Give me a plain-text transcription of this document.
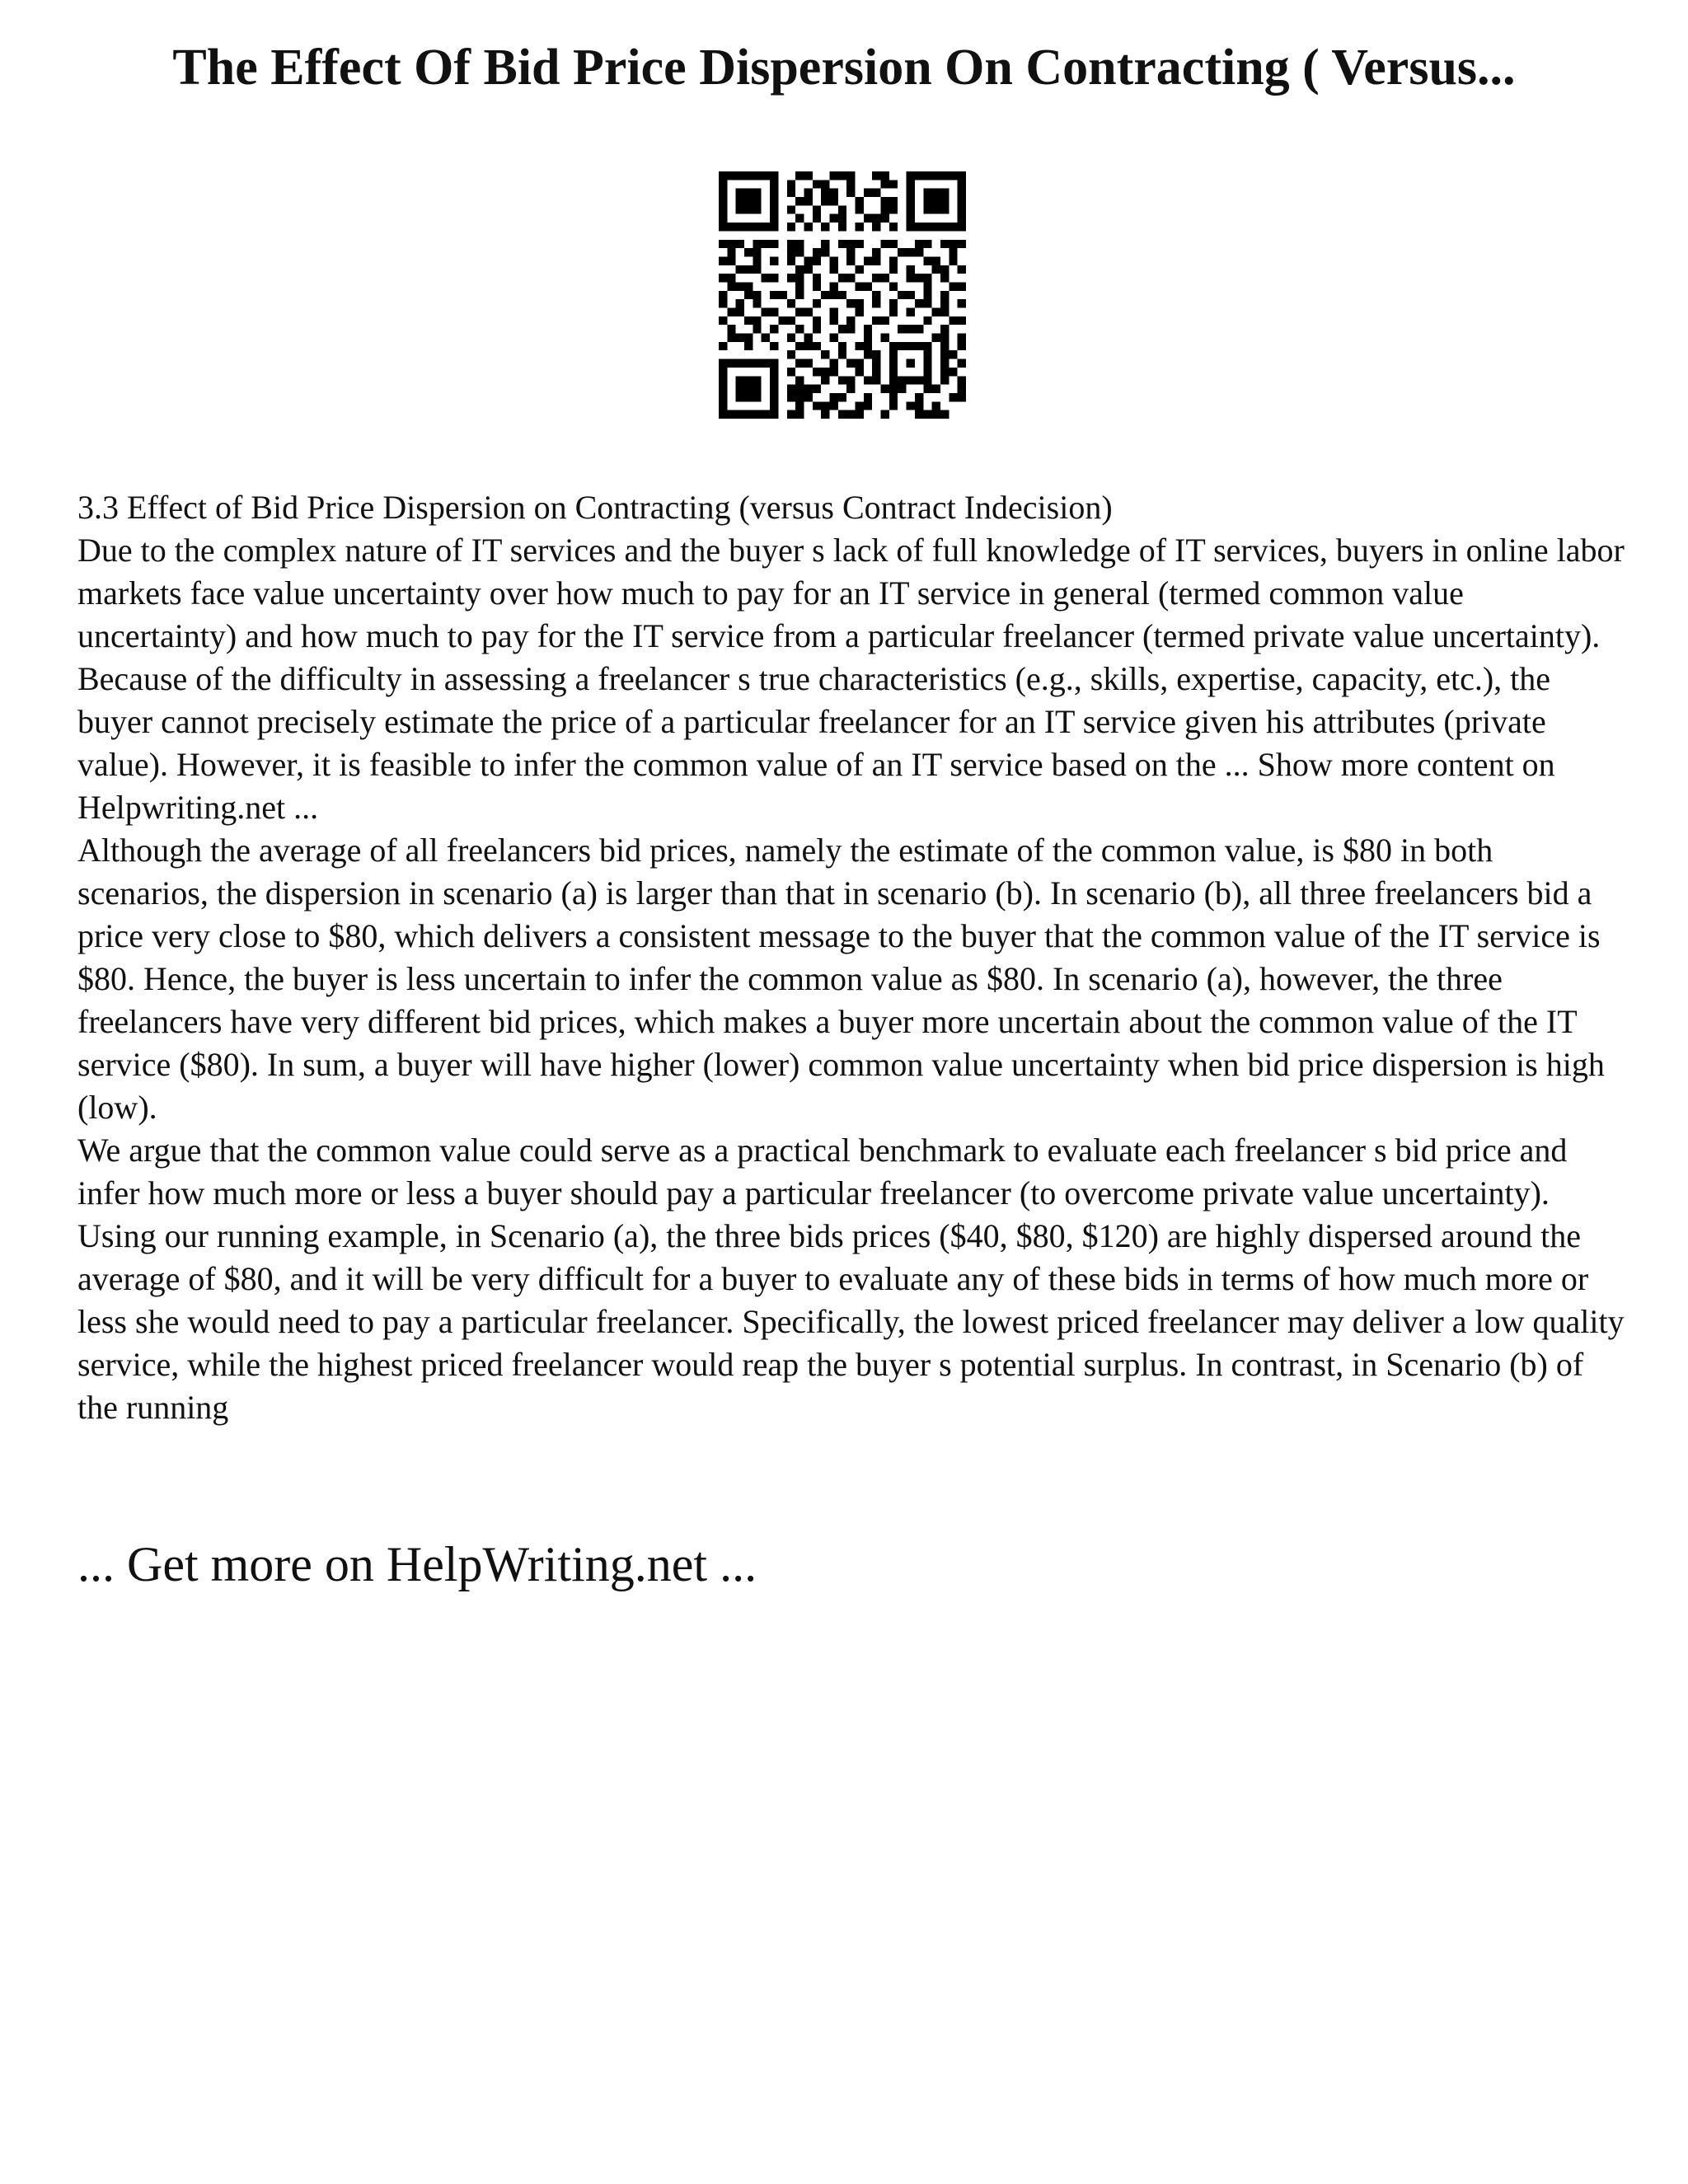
The Effect Of Bid Price Dispersion On Contracting ( Versus...

3.3 Effect of Bid Price Dispersion on Contracting (versus Contract Indecision)

Due to the complex nature of IT services and the buyer s lack of full knowledge of IT services, buyers in online labor markets face value uncertainty over how much to pay for an IT service in general (termed common value uncertainty) and how much to pay for the IT service from a particular freelancer (termed private value uncertainty). Because of the difficulty in assessing a freelancer s true characteristics (e.g., skills, expertise, capacity, etc.), the buyer cannot precisely estimate the price of a particular freelancer for an IT service given his attributes (private value). However, it is feasible to infer the common value of an IT service based on the ... Show more content on Helpwriting.net ...

Although the average of all freelancers bid prices, namely the estimate of the common value, is $80 in both scenarios, the dispersion in scenario (a) is larger than that in scenario (b). In scenario (b), all three freelancers bid a price very close to $80, which delivers a consistent message to the buyer that the common value of the IT service is $80. Hence, the buyer is less uncertain to infer the common value as $80. In scenario (a), however, the three freelancers have very different bid prices, which makes a buyer more uncertain about the common value of the IT service ($80). In sum, a buyer will have higher (lower) common value uncertainty when bid price dispersion is high (low).

We argue that the common value could serve as a practical benchmark to evaluate each freelancer s bid price and infer how much more or less a buyer should pay a particular freelancer (to overcome private value uncertainty). Using our running example, in Scenario (a), the three bids prices ($40, $80, $120) are highly dispersed around the average of $80, and it will be very difficult for a buyer to evaluate any of these bids in terms of how much more or less she would need to pay a particular freelancer. Specifically, the lowest priced freelancer may deliver a low quality service, while the highest priced freelancer would reap the buyer s potential surplus. In contrast, in Scenario (b) of the running

... Get more on HelpWriting.net ...
